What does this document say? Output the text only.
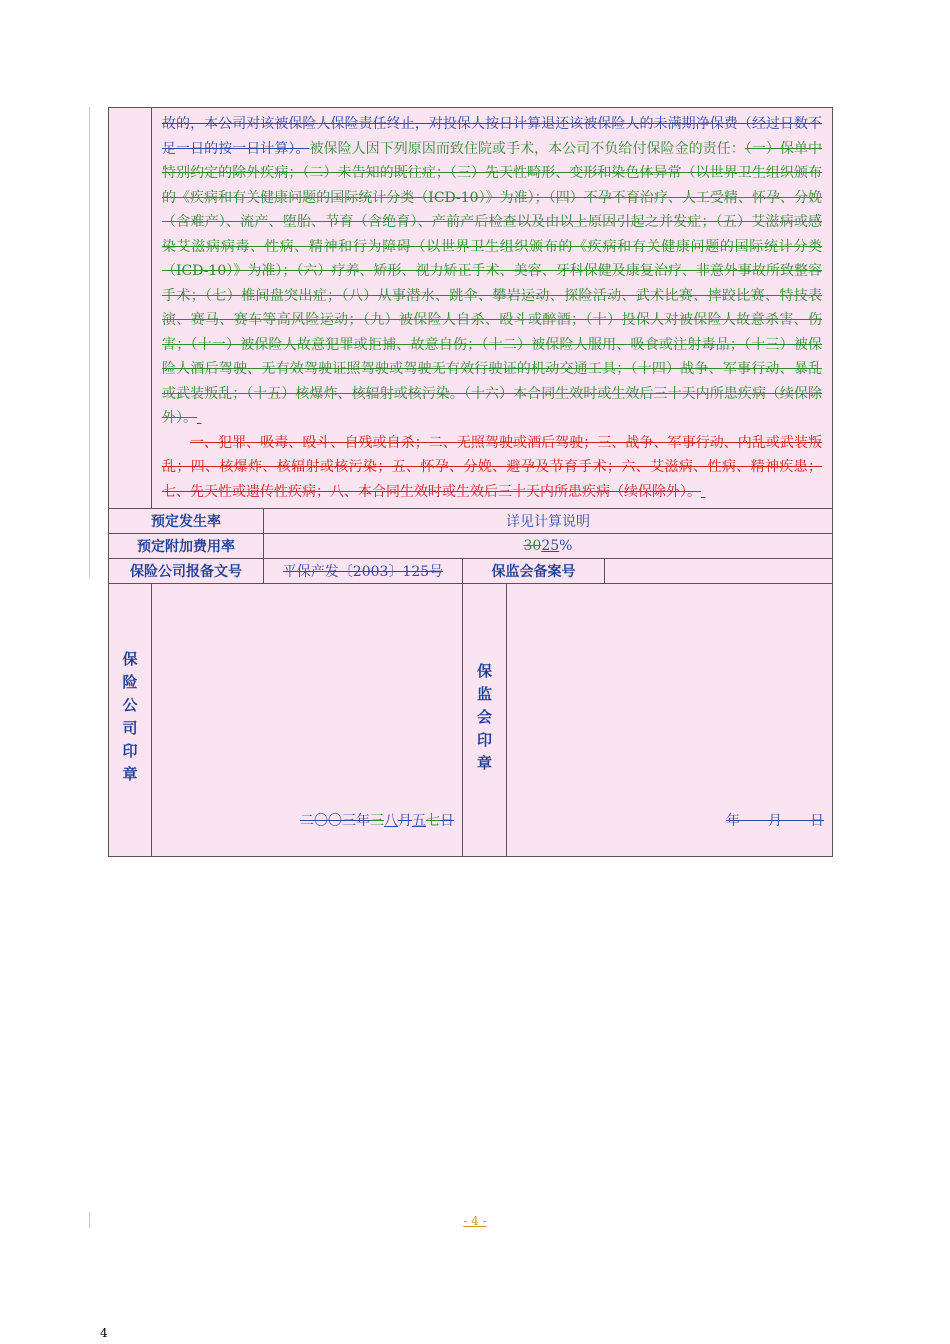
	故的，本公司对该被保险人保险责任终止，对投保人按日计算退还该被保险人的未满期净保费（经过日数不足一日的按一日计算）。被保险人因下列原因而致住院或手术，本公司不负给付保险金的责任：（一）保单中特别约定的除外疾病；（二）未告知的既往症；（三）先天性畸形、变形和染色体异常（以世界卫生组织颁布的《疾病和有关健康问题的国际统计分类（ICD-10）》为准）；（四）不孕不育治疗、人工受精、怀孕、分娩（含难产）、流产、堕胎、节育（含绝育）、产前产后检查以及由以上原因引起之并发症；（五）艾滋病或感染艾滋病病毒、性病、精神和行为障碍（以世界卫生组织颁布的《疾病和有关健康问题的国际统计分类（ICD-10）》为准）；（六）疗养、矫形、视力矫正手术、美容、牙科保健及康复治疗、非意外事故所致整容手术；（七）椎间盘突出症；（八）从事潜水、跳伞、攀岩运动、探险活动、武术比赛、摔跤比赛、特技表演、赛马、赛车等高风险运动；（九）被保险人自杀、殴斗或醉酒；（十）投保人对被保险人故意杀害、伤害；（十一）被保险人故意犯罪或拒捕、故意自伤；（十二）被保险人服用、吸食或注射毒品；（十三）被保险人酒后驾驶、无有效驾驶证照驾驶或驾驶无有效行驶证的机动交通工具；（十四）战争、军事行动、暴乱或武装叛乱；（十五）核爆炸、核辐射或核污染。（十六）本合同生效时或生效后三十天内所患疾病（续保除外）。

一、犯罪、吸毒、殴斗、自残或自杀；二、无照驾驶或酒后驾驶；三、战争、军事行动、内乱或武装叛乱；四、核爆炸、核辐射或核污染；五、怀孕、分娩、避孕及节育手术；六、艾滋病、性病、精神疾患；七、先天性或遗传性疾病；八、本合同生效时或生效后三十天内所患疾病（续保除外）。				

预定发生率		详见计算说明			
预定附加费用率		3025%			
保险公司报备文号		平保产发〔2003〕125号	保监会备案号		
保险公司印章	二〇〇三年三八月五七日		保监会印章	年　　月　　日	
- 4 -
4
